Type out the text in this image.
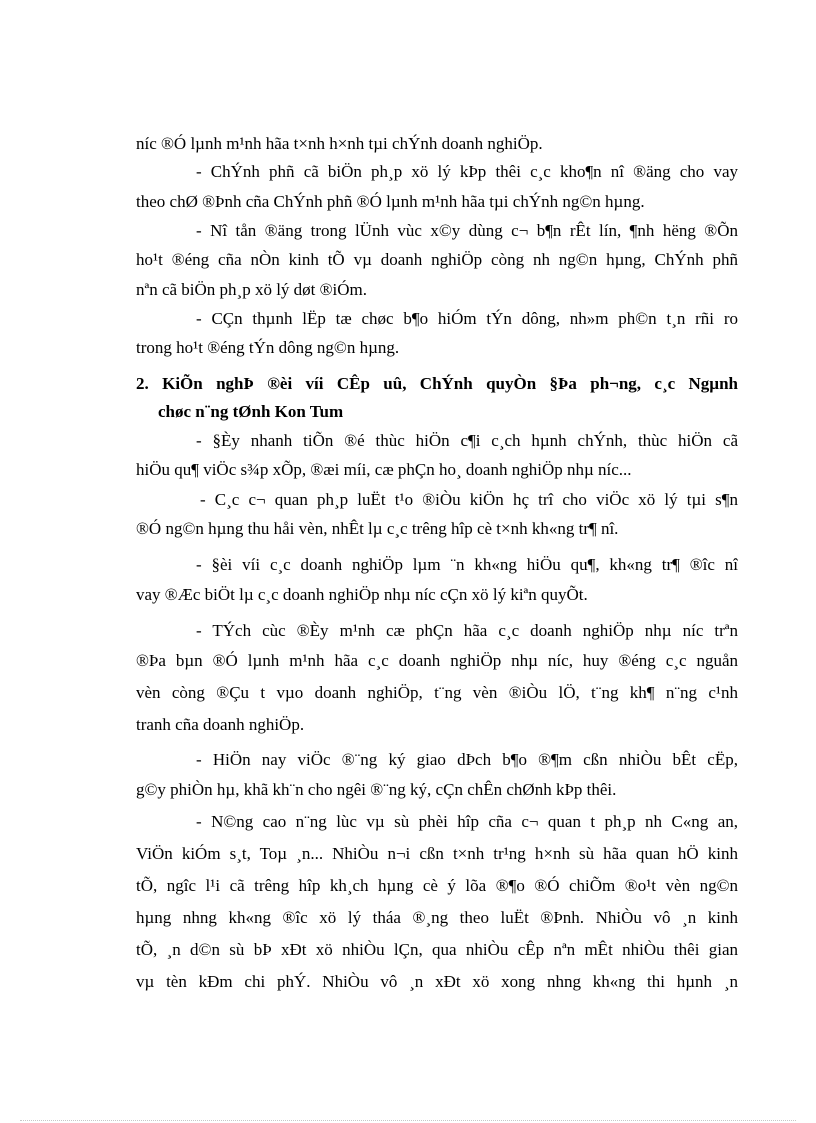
níc ®Ó lµnh m¹nh hãa t×nh h×nh tµi chÝnh doanh nghiÖp.
- ChÝnh phñ cã biÖn ph¸p xö lý kÞp thêi c¸c kho¶n nî ®äng cho vay
theo chØ ®Þnh cña ChÝnh phñ ®Ó lµnh m¹nh hãa tµi chÝnh ng©n hµng.
- Nî tån ®äng trong lÜnh vùc x©y dùng c¬ b¶n rÊt lín, ¶nh hëng ®Õn
ho¹t ®éng cña nÒn kinh tÕ vµ doanh nghiÖp còng nh ng©n hµng, ChÝnh phñ
nªn cã biÖn ph¸p xö lý døt ®iÓm.
- CÇn thµnh lËp tæ chøc b¶o hiÓm tÝn dông, nh»m ph©n t¸n rñi ro
trong ho¹t ®éng tÝn dông ng©n hµng.
2. KiÕn nghÞ ®èi víi CÊp uû, ChÝnh quyÒn §Þa ph¬ng, c¸c Ngµnh
chøc n¨ng tØnh Kon Tum
- §Èy nhanh tiÕn ®é thùc hiÖn c¶i c¸ch hµnh chÝnh, thùc hiÖn cã
hiÖu qu¶ viÖc s¾p xÕp, ®æi míi, cæ phÇn ho¸ doanh nghiÖp nhµ níc...
- C¸c c¬ quan ph¸p luËt t¹o ®iÒu kiÖn hç trî cho viÖc xö lý tµi s¶n
®Ó ng©n hµng thu håi vèn, nhÊt lµ c¸c trêng hîp cè t×nh kh«ng tr¶ nî.
- §èi víi c¸c doanh nghiÖp lµm ¨n kh«ng hiÖu qu¶, kh«ng tr¶ ®îc nî
vay ®Æc biÖt lµ c¸c doanh nghiÖp nhµ níc cÇn xö lý kiªn quyÕt.
- TÝch cùc ®Èy m¹nh cæ phÇn hãa c¸c doanh nghiÖp nhµ níc trªn
®Þa bµn ®Ó lµnh m¹nh hãa c¸c doanh nghiÖp nhµ níc, huy ®éng c¸c nguån
vèn còng ®Çu t vµo doanh nghiÖp, t¨ng vèn ®iÒu lÖ, t¨ng kh¶ n¨ng c¹nh
tranh cña doanh nghiÖp.
- HiÖn nay viÖc ®¨ng ký giao dÞch b¶o ®¶m cßn nhiÒu bÊt cËp,
g©y phiÒn hµ, khã kh¨n cho ngêi ®¨ng ký, cÇn chÊn chØnh kÞp thêi.
- N©ng cao n¨ng lùc vµ sù phèi hîp cña c¬ quan t ph¸p nh C«ng an,
ViÖn kiÓm s¸t, Toµ ¸n... NhiÒu n¬i cßn t×nh tr¹ng h×nh sù hãa quan hÖ kinh
tÕ, ngîc l¹i cã trêng hîp kh¸ch hµng cè ý lõa ®¶o ®Ó chiÕm ®o¹t vèn ng©n
hµng nhng kh«ng ®îc xö lý tháa ®¸ng theo luËt ®Þnh. NhiÒu vô ¸n kinh
tÕ, ¸n d©n sù bÞ xÐt xö nhiÒu lÇn, qua nhiÒu cÊp nªn mÊt nhiÒu thêi gian
vµ tèn kÐm chi phÝ. NhiÒu vô ¸n xÐt xö xong nhng kh«ng thi hµnh ¸n
